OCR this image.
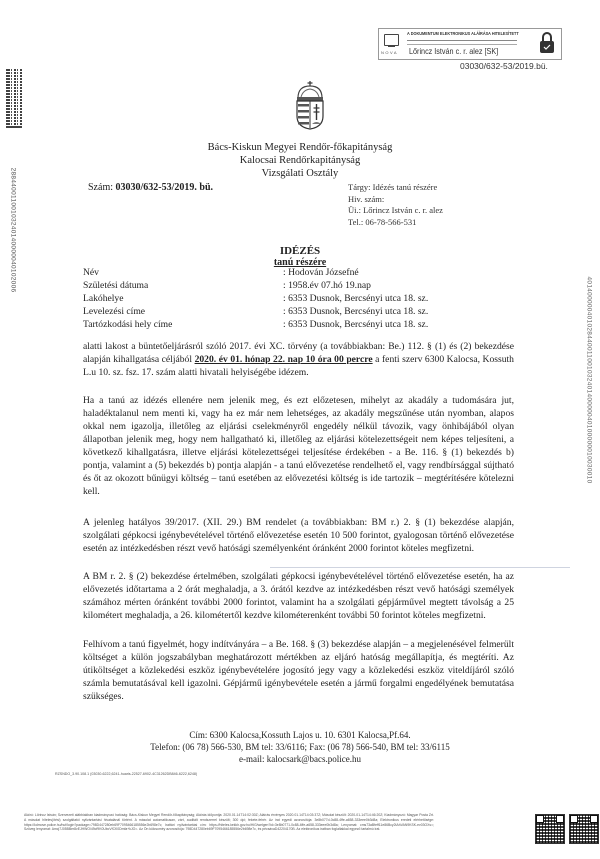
28844001100103240140000040102006
40140000040102844001100103240140000040100000010030010
NOVA
A DOKUMENTUM ELEKTRONIKUS ALÁÍRÁSA HITELESÍTETT
Lőrincz István c. r. alez [SK]
03030/632-53/2019.bü.
Bács-Kiskun Megyei Rendőr-főkapitányság
Kalocsai Rendőrkapitányság
Vizsgálati Osztály
Szám: 03030/632-53/2019. bü.	Tárgy: Idézés tanú részére
Hiv. szám:
Üi.: Lőrincz István c. r. alez
Tel.: 06-78-566-531
IDÉZÉS
tanú részére
Név	: Hodován Józsefné
Születési dátuma	: 1958.év 07.hó 19.nap
Lakóhelye	: 6353 Dusnok, Bercsényi utca 18. sz.
Levelezési címe	: 6353 Dusnok, Bercsényi utca 18. sz.
Tartózkodási hely címe	: 6353 Dusnok, Bercsényi utca 18. sz.

alatti lakost a büntetőeljárásról szóló 2017. évi XC. törvény (a továbbiakban: Be.) 112. § (1) és (2) bekezdése alapján kihallgatása céljából 2020. év 01. hónap 22. nap 10 óra 00 percre a fenti szerv 6300 Kalocsa, Kossuth L.u 10. sz. fsz. 17. szám alatti hivatali helyiségébe idézem.

Ha a tanú az idézés ellenére nem jelenik meg, és ezt előzetesen, mihelyt az akadály a tudomására jut, haladéktalanul nem menti ki, vagy ha ez már nem lehetséges, az akadály megszűnése után nyomban, alapos okkal nem igazolja, illetőleg az eljárási cselekményről engedély nélkül távozik, vagy önhibájából olyan állapotban jelenik meg, hogy nem hallgatható ki, illetőleg az eljárási kötelezettségeit nem képes teljesíteni, a következő kihallgatásra, illetve eljárási kötelezettségei teljesítése érdekében - a Be. 116. § (1) bekezdés b) pontja, valamint a (5) bekezdés b) pontja alapján - a tanú elővezetése rendelhető el, vagy rendbírsággal sújtható és őt az okozott bűnügyi költség – tanú esetében az elővezetési költség is ide tartozik – megtérítésére kötelezni kell.
A jelenleg hatályos 39/2017. (XII. 29.) BM rendelet (a továbbiakban: BM r.) 2. § (1) bekezdése alapján, szolgálati gépkocsi igénybevételével történő elővezetése esetén 10 500 forintot, gyalogosan történő elővezetése esetén az intézkedésben részt vevő hatósági személyenként óránként 2000 forintot köteles megfizetni.
A BM r. 2. § (2) bekezdése értelmében, szolgálati gépkocsi igénybevételével történő elővezetése esetén, ha az elővezetés időtartama a 2 órát meghaladja, a 3. órától kezdve az intézkedésben részt vevő hatósági személyek számához mérten óránként további 2000 forintot, valamint ha a szolgálati gépjárművel megtett távolság a 25 kilométert meghaladja, a 26. kilométertől kezdve kilométerenként további 50 forintot köteles megfizetni.
Felhívom a tanú figyelmét, hogy indítványára – a Be. 168. § (3) bekezdése alapján – a megjelenésével felmerült költséget a külön jogszabályban meghatározott mértékben az eljáró hatóság megállapítja, és megtéríti. Az útiköltséget a közlekedési eszköz igénybevételére jogosító jegy vagy a közlekedési eszköz viteldíjáról szóló számla bemutatásával kell igazolni. Gépjármű igénybevétele esetén a jármű forgalmi engedélyének bemutatása szükséges.
Cím: 6300 Kalocsa,Kossuth Lajos u. 10. 6301 Kalocsa,Pf.64.
Telefon: (06 78) 566-530, BM tel: 33/6116; Fax: (06 78) 566-540, BM tel: 33/6115
e-mail: kalocsark@bacs.police.hu
RZSNDO_3.90.108.1 (03030-6222,6241-huaris-22527-6902-4C31262DB846-6222,6248)
Aláíró: Lőrincz István; Szervezeti alábbiakban kiadmányozó hatóság: Bács-Kiskun Megyei Rendőr-főkapitányság; Aláírás időpontja: 2020.01.14T14:02:30Z; Aláírás érvényes 2020.01.14T14:03:37Z; Másolat készült: 2020-01-14T14:46:20Z; Kiadmányozó: Magyar Posta Zrt. A másolat hiteles(ítési) szolgáltatói nyilvántartási hivatalánál történt. A másolat automatikusan, zárt, auditált rendszerrel készült; 300 dpi; fekete-fehér. Az irat egyedi azonosítója: 3e8b077d-0c88-4ffe-a658-333eee0b3d8a; Elektronikus eredeti elérhetősége: https://kdmove.police.hu/huf/login?package=798D447280eb69F7095466185556e2b698e7c; Irattári nyilvántartási cím: https://hiteles.kekkh.gov.hu/HiG/welgen?id=3e8b0771-0c88-4ffe-a658-333eee0b3d8a; Lenyomat: cms73aBfeff11e86Bcy2tAhVAN9KSK-ev03OXs=; Szöveg lenyomat: Amcj7J05BBer8vEJHWO/49cf9K0UbcVfCK0Dmfa+kJO=. Az Ön külcsoméy azonosítója: 798D447280eb69F7095466185556e2b698e7c, és pécsávaD42204170B. Az elektronikus iratban foglaltakkal egyező tartalmú irat.
